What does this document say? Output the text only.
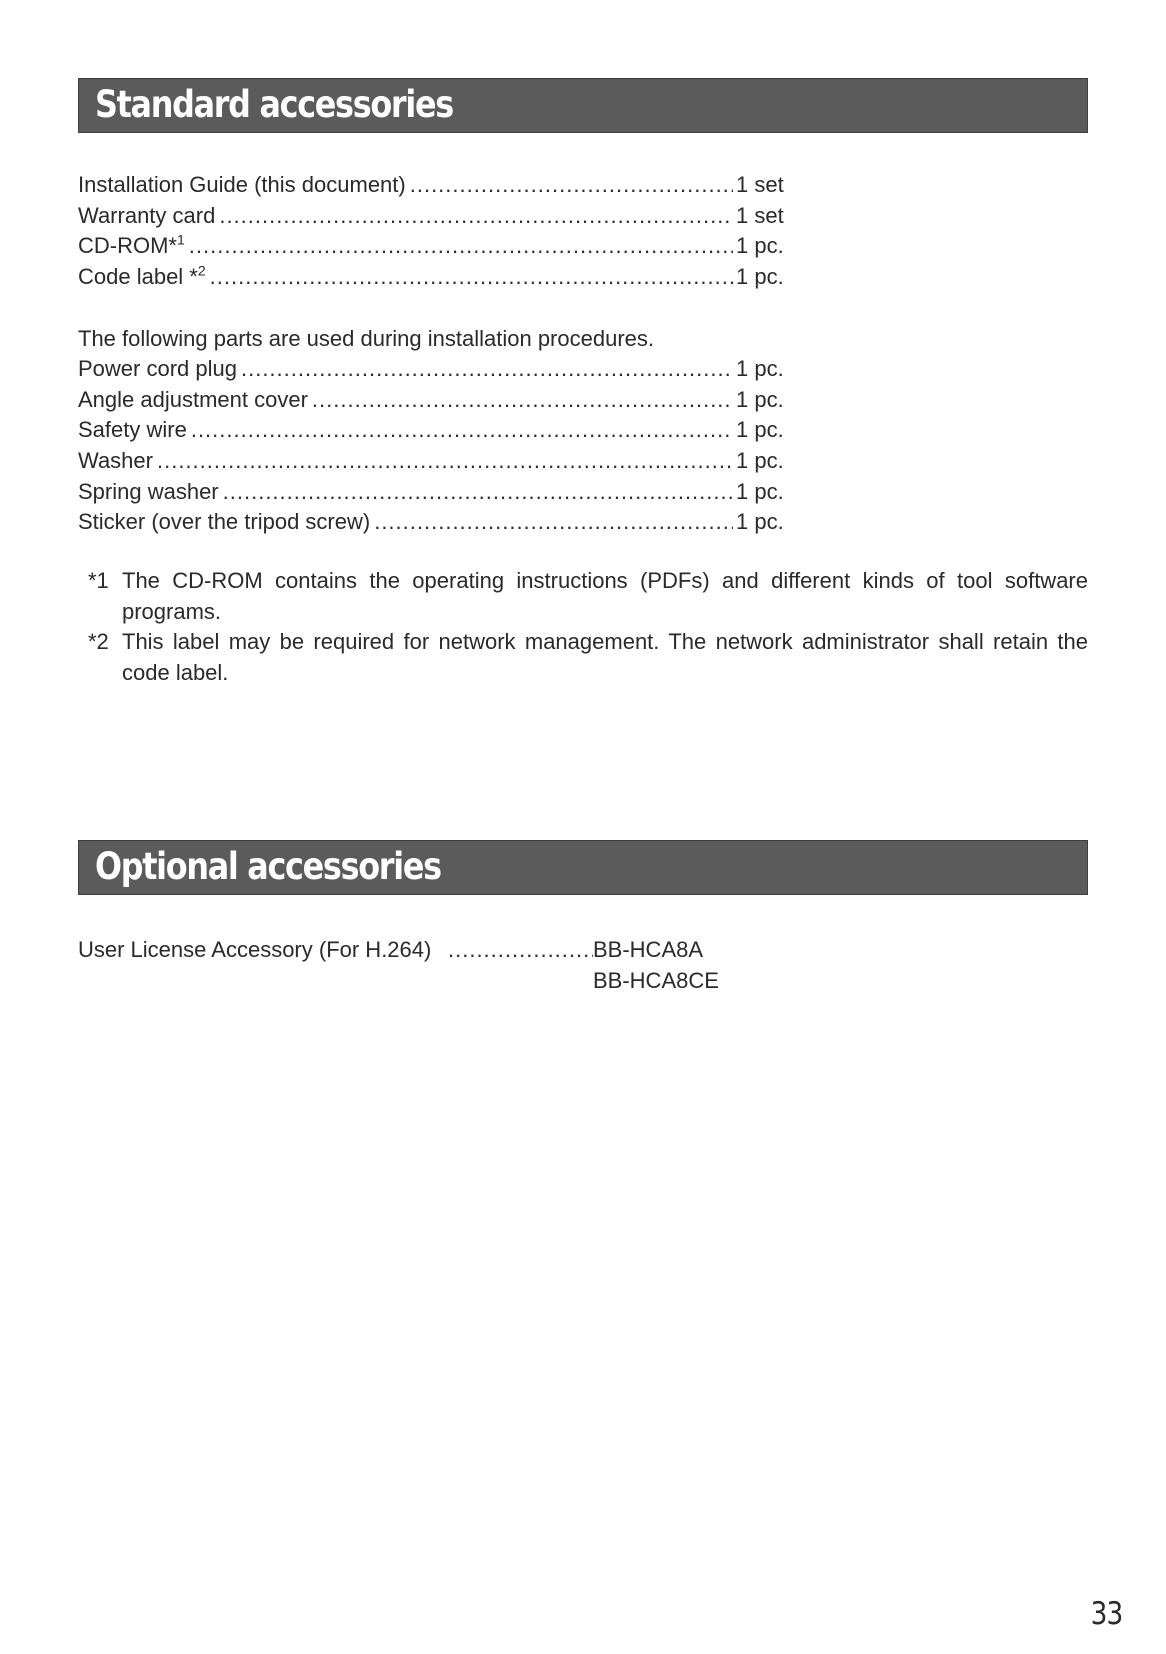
Standard accessories
Installation Guide (this document) .....	1 set
Warranty card .....	1 set
CD-ROM*$^1$ .....	1 pc.
Code label *$^2$ .....	1 pc.
The following parts are used during installation procedures.
Power cord plug .....	1 pc.
Angle adjustment cover .....	1 pc.
Safety wire .....	1 pc.
Washer .....	1 pc.
Spring washer .....	1 pc.
Sticker (over the tripod screw) .....	1 pc.
*1 The CD-ROM contains the operating instructions (PDFs) and different kinds of tool software programs.
*2 This label may be required for network management. The network administrator shall retain the code label.
Optional accessories
User License Accessory (For H.264) .....	BB-HCA8A
BB-HCA8CE
33
